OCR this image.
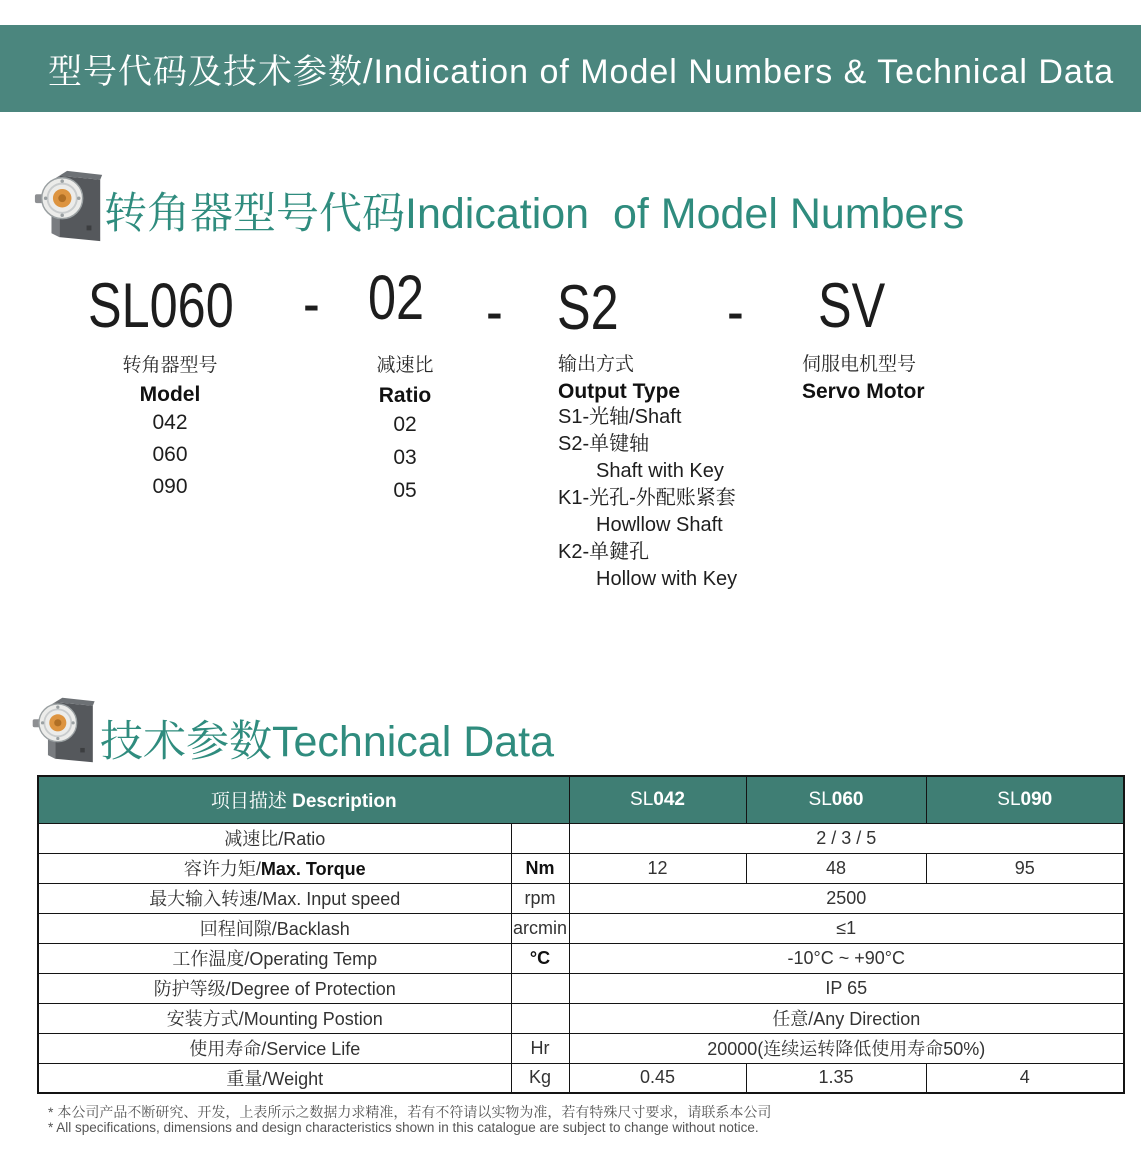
型号代码及技术参数/Indication of Model Numbers & Technical Data
转角器型号代码Indication  of Model Numbers
SL060 - 02 - S2 - SV
转角器型号
Model
042
060
090
减速比
Ratio
02
03
05
输出方式
Output Type
S1-光轴/Shaft
S2-单键轴
Shaft with Key
K1-光孔-外配账紧套
Howllow Shaft
K2-单鍵孔
Hollow with Key
伺服电机型号
Servo Motor
技术参数Technical Data
项目描述 Description		SL042	SL060	SL090
减速比/Ratio		2 / 3 / 5		
容许力矩/Max. Torque	Nm	12	48	95
最大输入转速/Max. Input speed	rpm	2500		
回程间隙/Backlash	arcmin	≤1		
工作温度/Operating Temp	°C	-10°C ~ +90°C		
防护等级/Degree of Protection		IP 65		
安装方式/Mounting Postion		任意/Any Direction		
使用寿命/Service Life	Hr	20000(连续运转降低使用寿命50%)		
重量/Weight	Kg	0.45	1.35	4
* 本公司产品不断研究、开发，上表所示之数据力求精准，若有不符请以实物为准，若有特殊尺寸要求，请联系本公司
* All specifications, dimensions and design characteristics shown in this catalogue are subject to change without notice.
